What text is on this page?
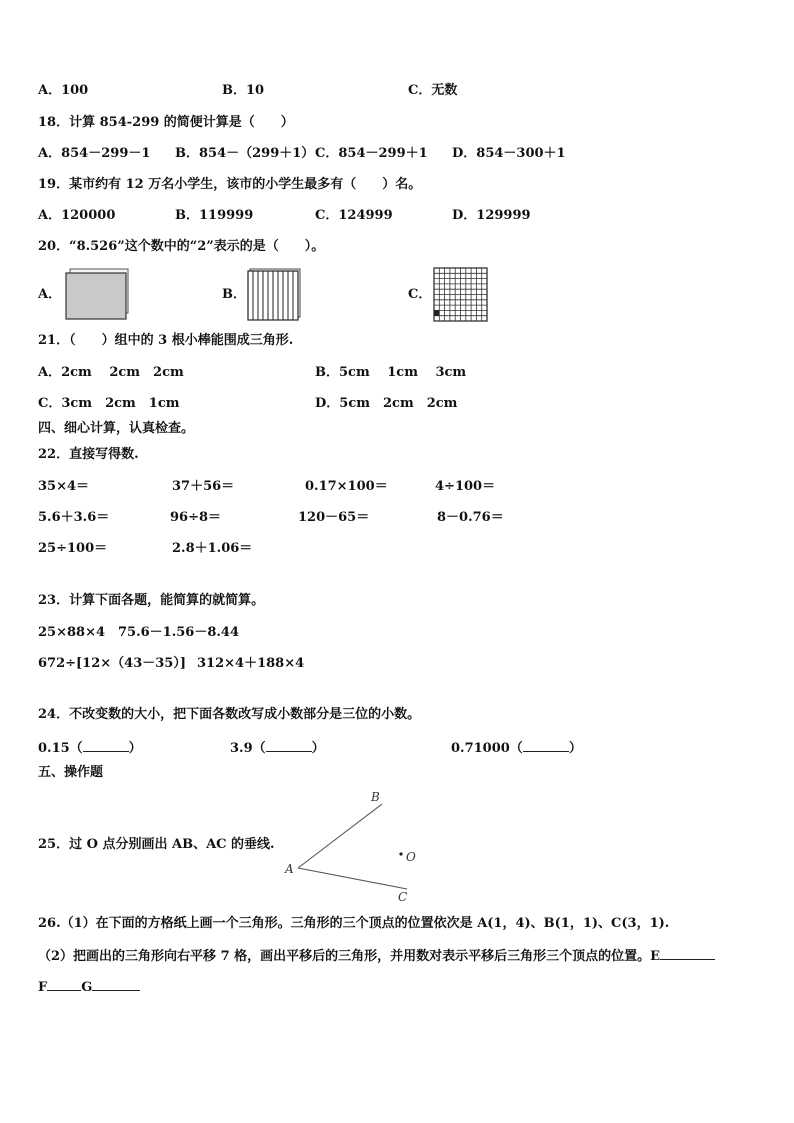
A．100	B．10	C．无数
18．计算 854-299 的简便计算是（　　）
A．854－299－1 B．854－（299＋1） C．854－299＋1 D．854－300＋1
19．某市约有 12 万名小学生，该市的小学生最多有（　　）名。
A．120000	B．119999	C．124999	D．129999
20．“8.526”这个数中的“2”表示的是（　　）。
A．	B．	C．
21．（　　）组中的 3 根小棒能围成三角形.
A．2cm　 2cm　2cm	B．5cm　 1cm　 3cm
C．3cm　2cm　1cm	D．5cm　2cm　2cm
四、细心计算，认真检查。
22．直接写得数.
35×4＝	37＋56＝	0.17×100＝	4÷100＝
5.6＋3.6＝	96÷8＝	120－65＝	8－0.76＝
25÷100＝	2.8＋1.06＝
23．计算下面各题，能简算的就简算。
25×88×4 75.6－1.56－8.44
672÷[12×（43－35）] 312×4＋188×4
24．不改变数的大小，把下面各数改写成小数部分是三位的小数。
0.15（	）	3.9（	）	0.71000（	）
五、操作题
25．过 O 点分别画出 AB、AC 的垂线.
A
B
C
O
26.（1）在下面的方格纸上画一个三角形。三角形的三个顶点的位置依次是 A(1，4)、B(1，1)、C(3，1).
（2）把画出的三角形向右平移 7 格，画出平移后的三角形，并用数对表示平移后三角形三个顶点的位置。E
F	G
